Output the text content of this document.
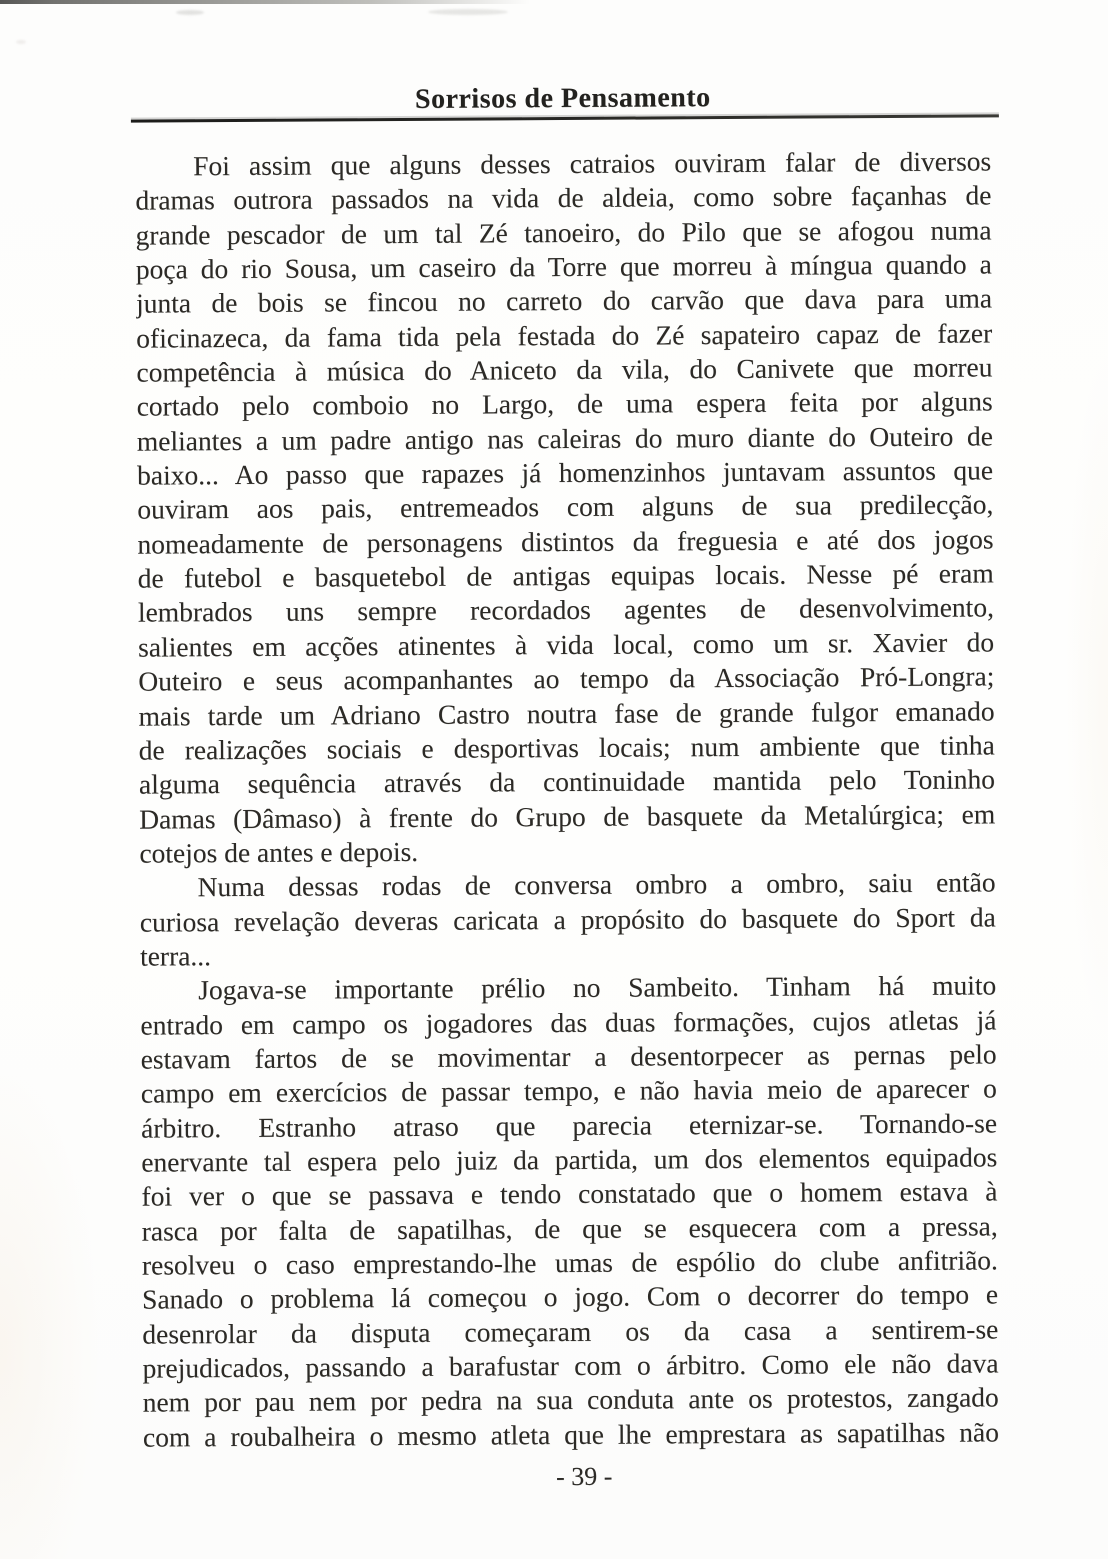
Sorrisos de Pensamento
Foi assim que alguns desses catraios ouviram falar de diversos
dramas outrora passados na vida de aldeia, como sobre façanhas de
grande pescador de um tal Zé tanoeiro, do Pilo que se afogou numa
poça do rio Sousa, um caseiro da Torre que morreu à míngua quando a
junta de bois se fincou no carreto do carvão que dava para uma
oficinazeca, da fama tida pela festada do Zé sapateiro capaz de fazer
competência à música do Aniceto da vila, do Canivete que morreu
cortado pelo comboio no Largo, de uma espera feita por alguns
meliantes a um padre antigo nas caleiras do muro diante do Outeiro de
baixo... Ao passo que rapazes já homenzinhos juntavam assuntos que
ouviram aos pais, entremeados com alguns de sua predilecção,
nomeadamente de personagens distintos da freguesia e até dos jogos
de futebol e basquetebol de antigas equipas locais. Nesse pé eram
lembrados uns sempre recordados agentes de desenvolvimento,
salientes em acções atinentes à vida local, como um sr. Xavier do
Outeiro e seus acompanhantes ao tempo da Associação Pró-Longra;
mais tarde um Adriano Castro noutra fase de grande fulgor emanado
de realizações sociais e desportivas locais; num ambiente que tinha
alguma sequência através da continuidade mantida pelo Toninho
Damas (Dâmaso) à frente do Grupo de basquete da Metalúrgica; em
cotejos de antes e depois.
Numa dessas rodas de conversa ombro a ombro, saiu então
curiosa revelação deveras caricata a propósito do basquete do Sport da
terra...
Jogava-se importante prélio no Sambeito. Tinham há muito
entrado em campo os jogadores das duas formações, cujos atletas já
estavam fartos de se movimentar a desentorpecer as pernas pelo
campo em exercícios de passar tempo, e não havia meio de aparecer o
árbitro. Estranho atraso que parecia eternizar-se. Tornando-se
enervante tal espera pelo juiz da partida, um dos elementos equipados
foi ver o que se passava e tendo constatado que o homem estava à
rasca por falta de sapatilhas, de que se esquecera com a pressa,
resolveu o caso emprestando-lhe umas de espólio do clube anfitrião.
Sanado o problema lá começou o jogo. Com o decorrer do tempo e
desenrolar da disputa começaram os da casa a sentirem-se
prejudicados, passando a barafustar com o árbitro. Como ele não dava
nem por pau nem por pedra na sua conduta ante os protestos, zangado
com a roubalheira o mesmo atleta que lhe emprestara as sapatilhas não
- 39 -
